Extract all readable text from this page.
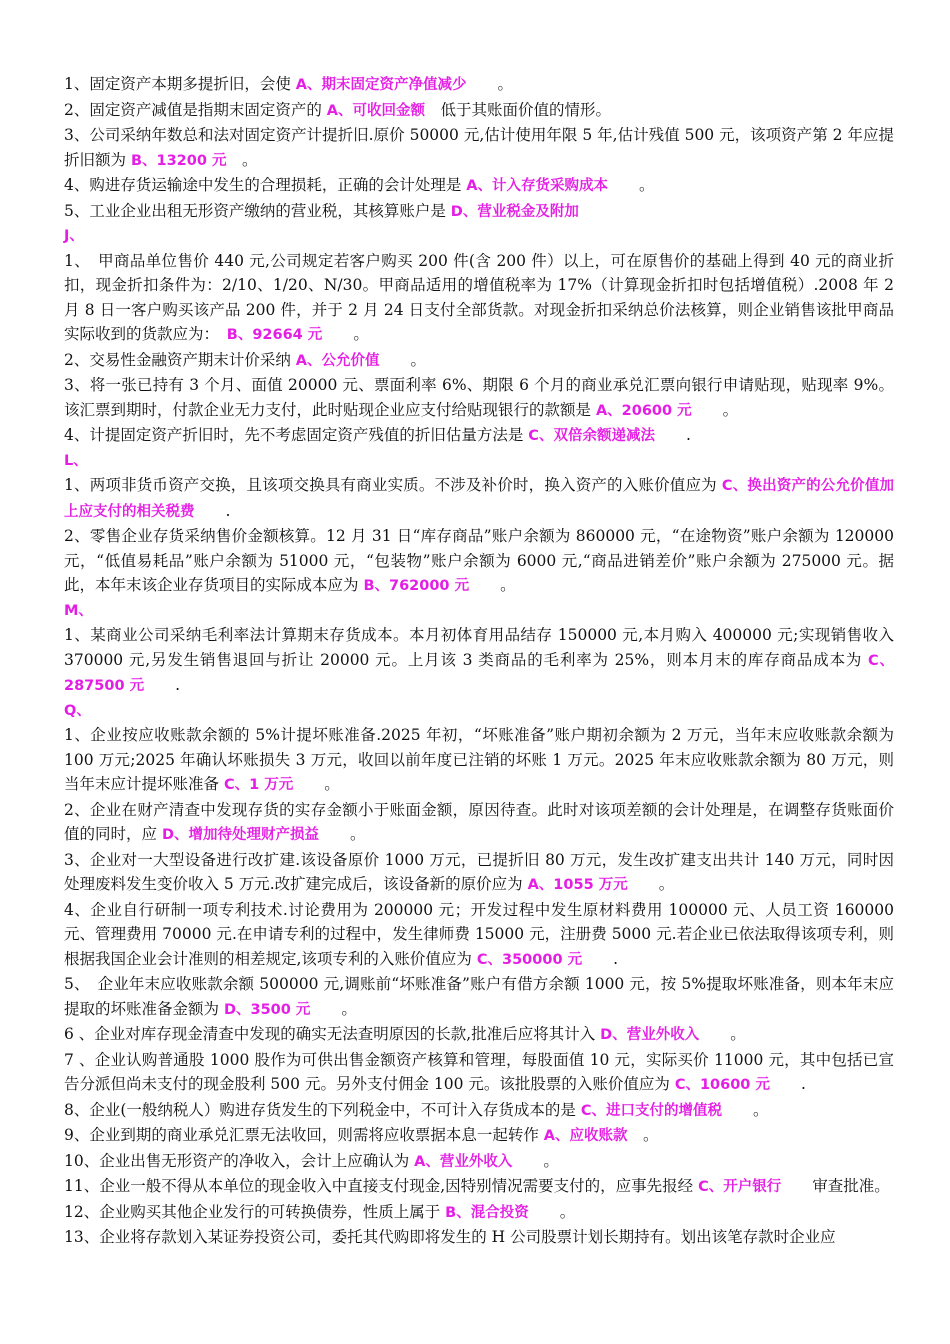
1、固定资产本期多提折旧，会使 A、期末固定资产净值减少　　。

2、固定资产减值是指期末固定资产的 A、可收回金额　低于其账面价值的情形。

3、公司采纳年数总和法对固定资产计提折旧.原价 50000 元,估计使用年限 5 年,估计残值 500 元，该项资产第 2 年应提折旧额为 B、13200 元　。

4、购进存货运输途中发生的合理损耗，正确的会计处理是 A、计入存货采购成本　　。

5、工业企业出租无形资产缴纳的营业税，其核算账户是 D、营业税金及附加

J、

1、　甲商品单位售价 440 元,公司规定若客户购买 200 件(含 200 件）以上，可在原售价的基础上得到 40 元的商业折扣，现金折扣条件为：2/10、1/20、N/30。甲商品适用的增值税率为 17%（计算现金折扣时包括增值税）.2008 年 2 月 8 日一客户购买该产品 200 件，并于 2 月 24 日支付全部货款。对现金折扣采纳总价法核算，则企业销售该批甲商品实际收到的货款应为：　B、92664 元　　。

2、交易性金融资产期末计价采纳 A、公允价值　　。

3、将一张已持有 3 个月、面值 20000 元、票面利率 6%、期限 6 个月的商业承兑汇票向银行申请贴现，贴现率 9%。该汇票到期时，付款企业无力支付，此时贴现企业应支付给贴现银行的款额是 A、20600 元　　。

4、计提固定资产折旧时，先不考虑固定资产残值的折旧估量方法是 C、双倍余额递减法　　.

L、

1、两项非货币资产交换，且该项交换具有商业实质。不涉及补价时，换入资产的入账价值应为 C、换出资产的公允价值加上应支付的相关税费　　.

2、零售企业存货采纳售价金额核算。12 月 31 日“库存商品”账户余额为 860000 元，“在途物资”账户余额为 120000 元，“低值易耗品”账户余额为 51000 元，“包装物”账户余额为 6000 元,“商品进销差价”账户余额为 275000 元。据此，本年末该企业存货项目的实际成本应为 B、762000 元　　。

M、

1、某商业公司采纳毛利率法计算期末存货成本。本月初体育用品结存 150000 元,本月购入 400000 元;实现销售收入 370000 元,另发生销售退回与折让 20000 元。上月该 3 类商品的毛利率为 25%，则本月末的库存商品成本为 C、287500 元　　.

Q、

1、企业按应收账款余额的 5%计提坏账准备.2025 年初，“坏账准备”账户期初余额为 2 万元，当年末应收账款余额为 100 万元;2025 年确认坏账损失 3 万元，收回以前年度已注销的坏账 1 万元。2025 年末应收账款余额为 80 万元，则当年末应计提坏账准备 C、1 万元　　。

2、企业在财产清查中发现存货的实存金额小于账面金额，原因待查。此时对该项差额的会计处理是，在调整存货账面价值的同时，应 D、增加待处理财产损益　　。

3、企业对一大型设备进行改扩建.该设备原价 1000 万元，已提折旧 80 万元，发生改扩建支出共计 140 万元，同时因处理废料发生变价收入 5 万元.改扩建完成后，该设备新的原价应为 A、1055 万元　　。

4、企业自行研制一项专利技术.讨论费用为 200000 元；开发过程中发生原材料费用 100000 元、人员工资 160000 元、管理费用 70000 元.在申请专利的过程中，发生律师费 15000 元，注册费 5000 元.若企业已依法取得该项专利，则根据我国企业会计准则的相差规定,该项专利的入账价值应为 C、350000 元　　.

5、　企业年末应收账款余额 500000 元,调账前“坏账准备”账户有借方余额 1000 元，按 5%提取坏账准备，则本年末应提取的坏账准备金额为 D、3500 元　　。

6 、企业对库存现金清查中发现的确实无法查明原因的长款,批准后应将其计入 D、营业外收入　　。

7 、企业认购普通股 1000 股作为可供出售金额资产核算和管理，每股面值 10 元，实际买价 11000 元，其中包括已宣告分派但尚未支付的现金股利 500 元。另外支付佣金 100 元。该批股票的入账价值应为 C、10600 元　　.

8、企业(一般纳税人）购进存货发生的下列税金中，不可计入存货成本的是 C、进口支付的增值税　　。

9、企业到期的商业承兑汇票无法收回，则需将应收票据本息一起转作 A、应收账款　。

10、企业出售无形资产的净收入，会计上应确认为 A、营业外收入　　。

11、企业一般不得从本单位的现金收入中直接支付现金,因特别情况需要支付的，应事先报经 C、开户银行　　审查批准。

12、企业购买其他企业发行的可转换债券，性质上属于 B、混合投资　　。

13、企业将存款划入某证券投资公司，委托其代购即将发生的 H 公司股票计划长期持有。划出该笔存款时企业应
